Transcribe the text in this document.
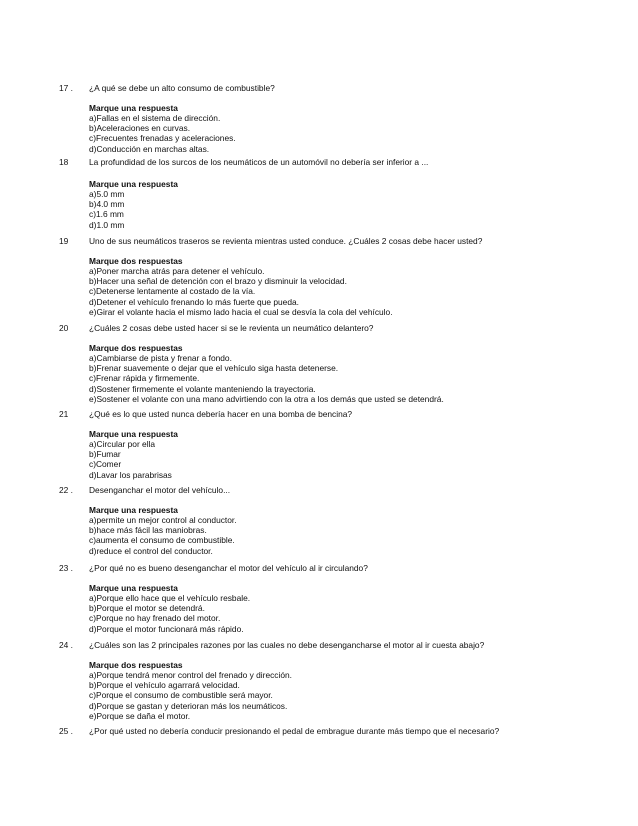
17 . ¿A qué se debe un alto consumo de combustible?
Marque una respuesta
a)Fallas en el sistema de dirección.
b)Aceleraciones en curvas.
c)Frecuentes frenadas y aceleraciones.
d)Conducción en marchas altas.
18 La profundidad de los surcos de los neumáticos de un automóvil no debería ser inferior a ...
Marque una respuesta
a)5.0 mm
b)4.0 mm
c)1.6 mm
d)1.0 mm
19 Uno de sus neumáticos traseros se revienta mientras usted conduce. ¿Cuáles 2 cosas debe hacer usted?
Marque dos respuestas
a)Poner marcha atrás para detener el vehículo.
b)Hacer una señal de detención con el brazo y disminuir la velocidad.
c)Detenerse lentamente al costado de la vía.
d)Detener el vehículo frenando lo más fuerte que pueda.
e)Girar el volante hacia el mismo lado hacia el cual se desvía la cola del vehículo.
20 ¿Cuáles 2 cosas debe usted hacer si se le revienta un neumático delantero?
Marque dos respuestas
a)Cambiarse de pista y frenar a fondo.
b)Frenar suavemente o dejar que el vehículo siga hasta detenerse.
c)Frenar rápida y firmemente.
d)Sostener firmemente el volante manteniendo la trayectoria.
e)Sostener el volante con una mano advirtiendo con la otra a los demás que usted se detendrá.
21 ¿Qué es lo que usted nunca debería hacer en una bomba de bencina?
Marque una respuesta
a)Circular por ella
b)Fumar
c)Comer
d)Lavar los parabrisas
22 . Desenganchar el motor del vehículo...
Marque una respuesta
a)permite un mejor control al conductor.
b)hace más fácil las maniobras.
c)aumenta el consumo de combustible.
d)reduce el control del conductor.
23 . ¿Por qué no es bueno desenganchar el motor del vehículo al ir circulando?
Marque una respuesta
a)Porque ello hace que el vehículo resbale.
b)Porque el motor se detendrá.
c)Porque no hay frenado del motor.
d)Porque el motor funcionará más rápido.
24 . ¿Cuáles son las 2 principales razones por las cuales no debe desengancharse el motor al ir cuesta abajo?
Marque dos respuestas
a)Porque tendrá menor control del frenado y dirección.
b)Porque el vehículo agarrará velocidad.
c)Porque el consumo de combustible será mayor.
d)Porque se gastan y deterioran más los neumáticos.
e)Porque se daña el motor.
25 . ¿Por qué usted no debería conducir presionando el pedal de embrague durante más tiempo que el necesario?
